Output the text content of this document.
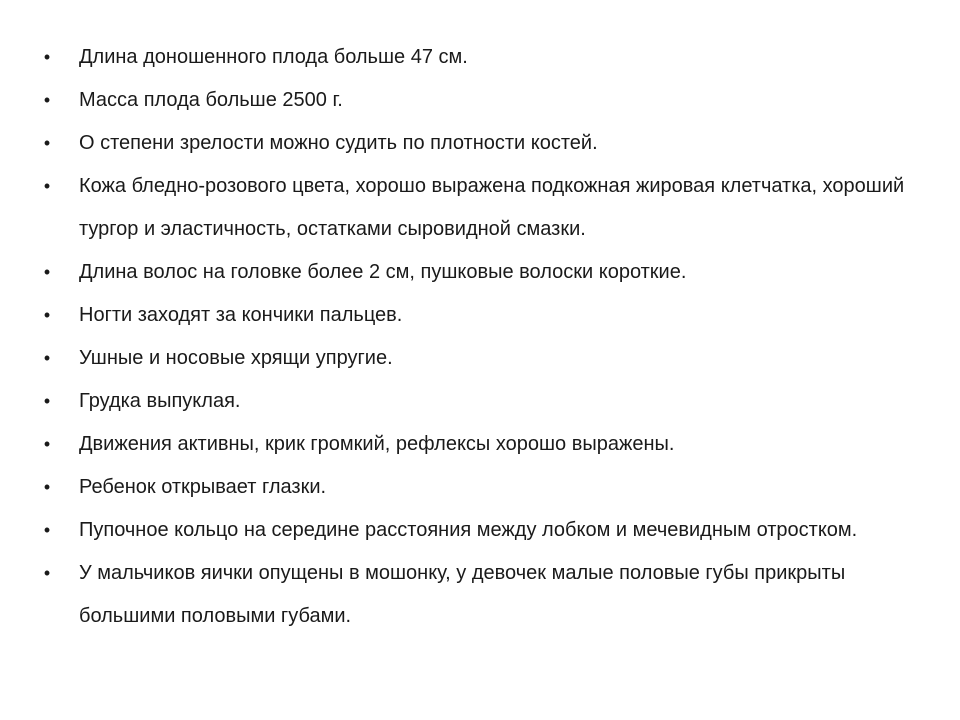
• Длина доношенного плода больше 47 см.
• Масса плода больше 2500 г.
• О степени зрелости можно судить по плотности костей.
• Кожа бледно-розового цвета, хорошо выражена подкожная жировая клетчатка, хороший тургор и эластичность, остатками сыровидной смазки.
• Длина волос на головке более 2 см, пушковые волоски короткие.
• Ногти заходят за кончики пальцев.
• Ушные и носовые хрящи упругие.
• Грудка выпуклая.
• Движения активны, крик громкий, рефлексы хорошо выражены.
• Ребенок открывает глазки.
• Пупочное кольцо на середине расстояния между лобком и мечевидным отростком.
• У мальчиков яички опущены в мошонку, у девочек малые половые губы прикрыты большими половыми губами.
